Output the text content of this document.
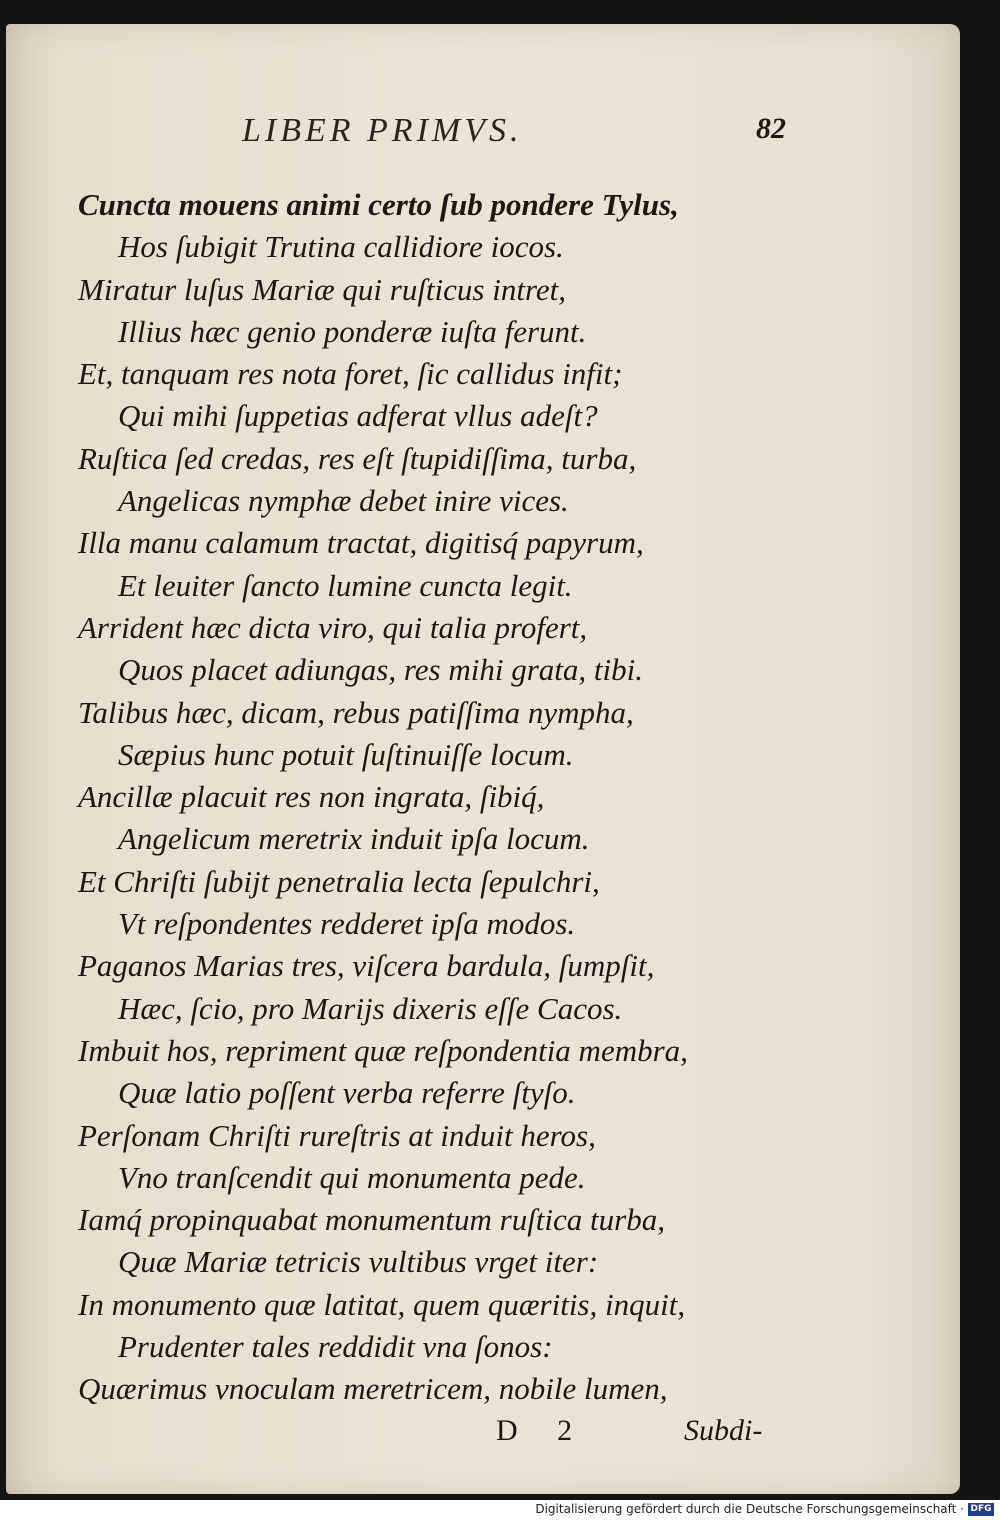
LIBER PRIMVS.	82
Cuncta mouens animi certo ſub pondere Tylus,
Hos ſubigit Trutina callidiore iocos.
Miratur luſus Mariæ qui ruſticus intret,
Illius hæc genio ponderæ iuſta ferunt.
Et, tanquam res nota foret, ſic callidus infit;
Qui mihi ſuppetias adferat vllus adeſt?
Ruſtica ſed credas, res eſt ſtupidiſſima, turba,
Angelicas nymphæ debet inire vices.
Illa manu calamum tractat, digitisq́ papyrum,
Et leuiter ſancto lumine cuncta legit.
Arrident hæc dicta viro, qui talia profert,
Quos placet adiungas, res mihi grata, tibi.
Talibus hæc, dicam, rebus patiſſima nympha,
Sæpius hunc potuit ſuſtinuiſſe locum.
Ancillæ placuit res non ingrata, ſibiq́,
Angelicum meretrix induit ipſa locum.
Et Chriſti ſubijt penetralia lecta ſepulchri,
Vt reſpondentes redderet ipſa modos.
Paganos Marias tres, viſcera bardula, ſumpſit,
Hæc, ſcio, pro Marijs dixeris eſſe Cacos.
Imbuit hos, repriment quæ reſpondentia membra,
Quæ latio poſſent verba referre ſtyſo.
Perſonam Chriſti rureſtris at induit heros,
Vno tranſcendit qui monumenta pede.
Iamq́ propinquabat monumentum ruſtica turba,
Quæ Mariæ tetricis vultibus vrget iter:
In monumento quæ latitat, quem quæritis, inquit,
Prudenter tales reddidit vna ſonos:
Quærimus vnoculam meretricem, nobile lumen,
D 2	Subdi-
Digitalisierung gefördert durch die Deutsche Forschungsgemeinschaft · DFG
